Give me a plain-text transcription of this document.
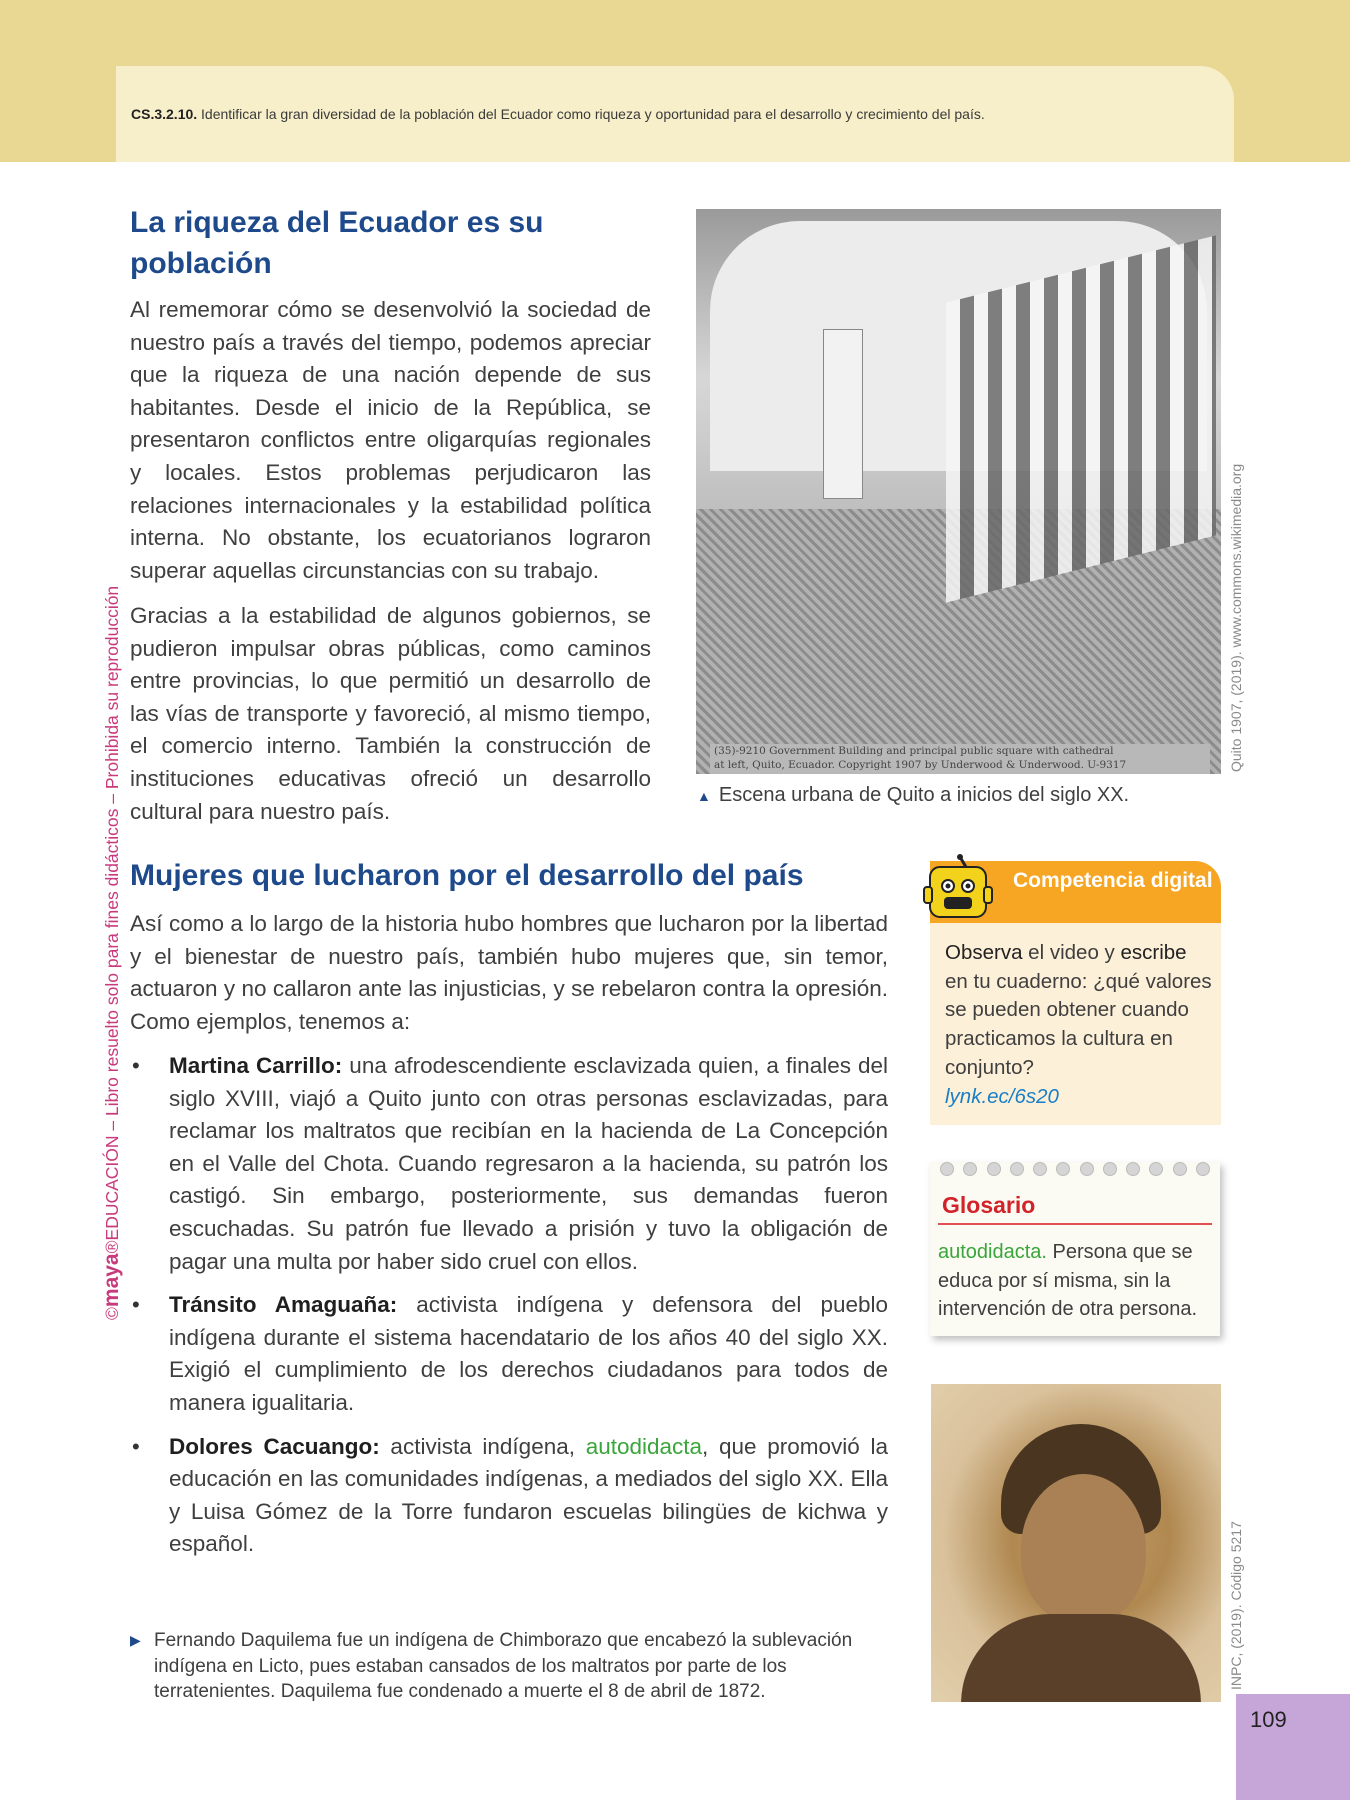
CS.3.2.10. Identificar la gran diversidad de la población del Ecuador como riqueza y oportunidad para el desarrollo y crecimiento del país.
©maya®EDUCACIÓN – Libro resuelto solo para fines didácticos – Prohibida su reproducción
La riqueza del Ecuador es su población

Al rememorar cómo se desenvolvió la sociedad de nuestro país a través del tiempo, podemos apreciar que la riqueza de una nación depende de sus habitantes. Desde el inicio de la República, se presentaron conflictos entre oligarquías regionales y locales. Estos problemas perjudicaron las relaciones internacionales y la estabilidad política interna. No obstante, los ecuatorianos lograron superar aquellas circunstancias con su trabajo.

Gracias a la estabilidad de algunos gobiernos, se pudieron impulsar obras públicas, como caminos entre provincias, lo que permitió un desarrollo de las vías de transporte y favoreció, al mismo tiempo, el comercio interno. También la construcción de instituciones educativas ofreció un desarrollo cultural para nuestro país.

(35)-9210 Government Building and principal public square with cathedral
at left, Quito, Ecuador. Copyright 1907 by Underwood & Underwood. U-9317	Quito 1907, (2019). www.commons.wikimedia.org
▲ Escena urbana de Quito a inicios del siglo XX.
Mujeres que lucharon por el desarrollo del país

Así como a lo largo de la historia hubo hombres que lucharon por la libertad y el bienestar de nuestro país, también hubo mujeres que, sin temor, actuaron y no callaron ante las injusticias, y se rebelaron contra la opresión. Como ejemplos, tenemos a:

• Martina Carrillo: una afrodescendiente esclavizada quien, a finales del siglo XVIII, viajó a Quito junto con otras personas esclavizadas, para reclamar los maltratos que recibían en la hacienda de La Concepción en el Valle del Chota. Cuando regresaron a la hacienda, su patrón los castigó. Sin embargo, posteriormente, sus demandas fueron escuchadas. Su patrón fue llevado a prisión y tuvo la obligación de pagar una multa por haber sido cruel con ellos.
• Tránsito Amaguaña: activista indígena y defensora del pueblo indígena durante el sistema hacendatario de los años 40 del siglo XX. Exigió el cumplimiento de los derechos ciudadanos para todos de manera igualitaria.
• Dolores Cacuango: activista indígena, autodidacta, que promovió la educación en las comunidades indígenas, a mediados del siglo XX. Ella y Luisa Gómez de la Torre fundaron escuelas bilingües de kichwa y español.
Competencia digital
Observa el video y escribe en tu cuaderno: ¿qué valores se pueden obtener cuando practicamos la cultura en conjunto?
lynk.ec/6s20
Glosario
autodidacta. Persona que se educa por sí misma, sin la intervención de otra persona.
INPC, (2019). Código 5217
▶ Fernando Daquilema fue un indígena de Chimborazo que encabezó la sublevación indígena en Licto, pues estaban cansados de los maltratos por parte de los terratenientes. Daquilema fue condenado a muerte el 8 de abril de 1872.
109
